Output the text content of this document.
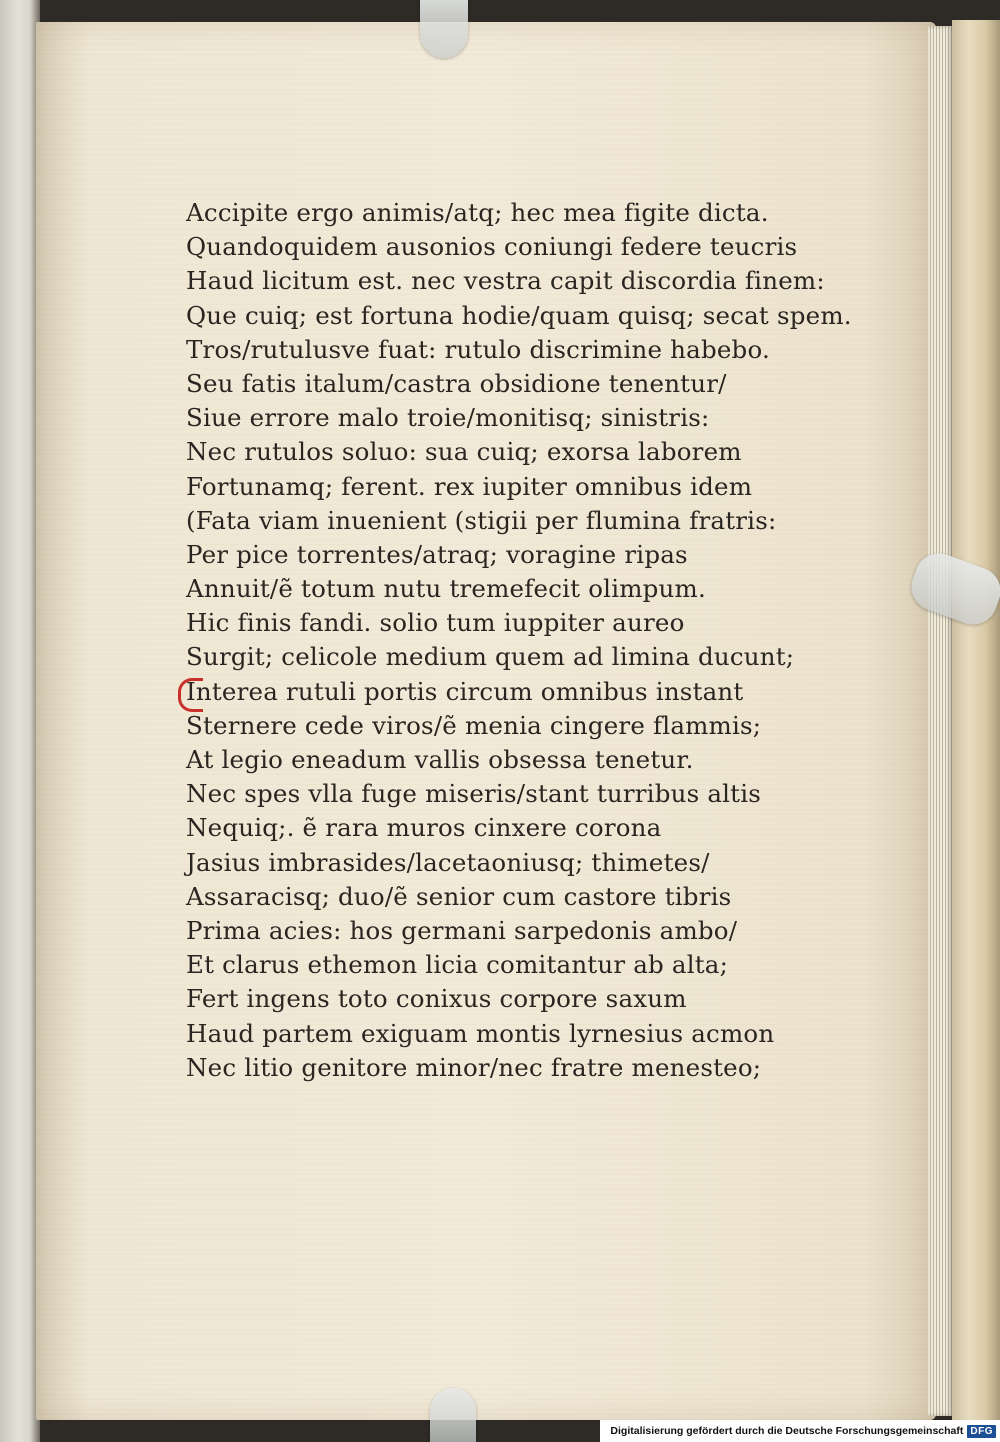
Accipite ergo animis/atq; hec mea figite dicta.
Quandoquidem ausonios coniungi federe teucris
Haud licitum est. nec vestra capit discordia finem:
Que cuiq; est fortuna hodie/quam quisq; secat spem.
Tros/rutulusve fuat: rutulo discrimine habebo.
Seu fatis italum/castra obsidione tenentur/
Siue errore malo troie/monitisq; sinistris:
Nec rutulos soluo: sua cuiq; exorsa laborem
Fortunamq; ferent. rex iupiter omnibus idem
(Fata viam inuenient (stigii per flumina fratris:
Per pice torrentes/atraq; voragine ripas
Annuit/ẽ totum nutu tremefecit olimpum.
Hic finis fandi. solio tum iuppiter aureo
Surgit; celicole medium quem ad limina ducunt;
Interea rutuli portis circum omnibus instant
Sternere cede viros/ẽ menia cingere flammis;
At legio eneadum vallis obsessa tenetur.
Nec spes vlla fuge miseris/stant turribus altis
Nequiq;. ẽ rara muros cinxere corona
Jasius imbrasides/lacetaoniusq; thimetes/
Assaracisq; duo/ẽ senior cum castore tibris
Prima acies: hos germani sarpedonis ambo/
Et clarus ethemon licia comitantur ab alta;
Fert ingens toto conixus corpore saxum
Haud partem exiguam montis lyrnesius acmon
Nec litio genitore minor/nec fratre menesteo;
Digitalisierung gefördert durch die Deutsche Forschungsgemeinschaft DFG
